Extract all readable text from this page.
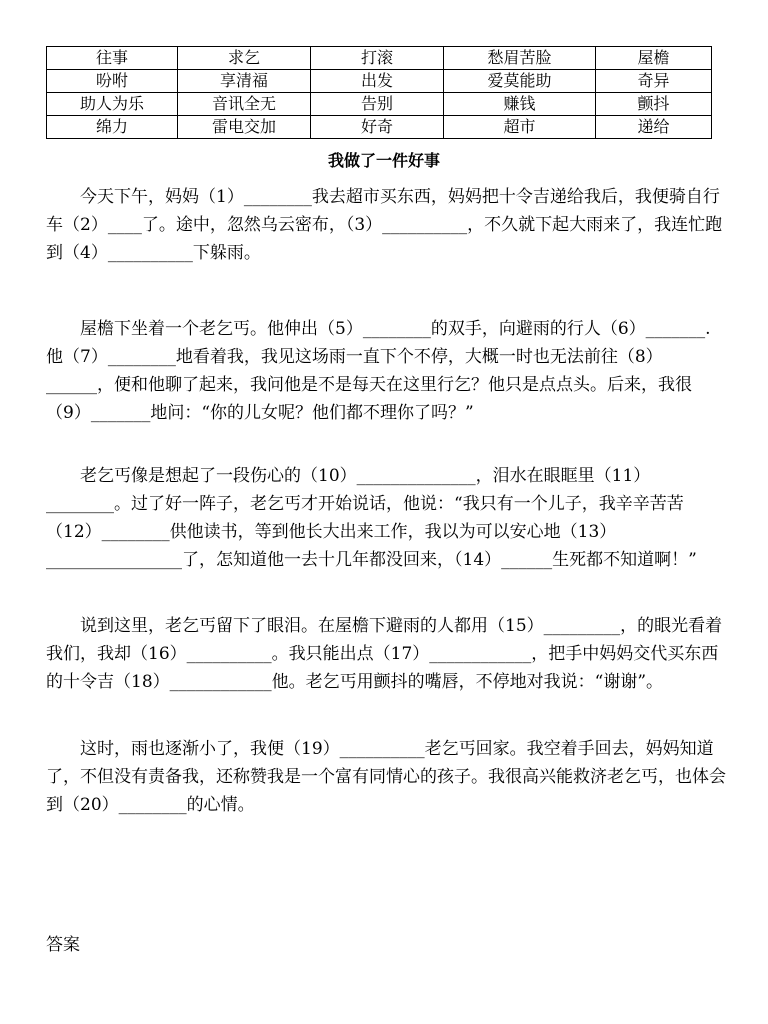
往事	求乞	打滚	愁眉苦脸	屋檐
吩咐	享清福	出发	爱莫能助	奇异
助人为乐	音讯全无	告别	赚钱	颤抖
绵力	雷电交加	好奇	超市	递给
我做了一件好事

今天下午，妈妈（1）________我去超市买东西，妈妈把十令吉递给我后，我便骑自行车（2）____了。途中，忽然乌云密布，（3）__________，不久就下起大雨来了，我连忙跑到（4）__________下躲雨。

屋檐下坐着一个老乞丐。他伸出（5）________的双手，向避雨的行人（6）_______.他（7）________地看着我，我见这场雨一直下个不停，大概一时也无法前往（8）______，便和他聊了起来，我问他是不是每天在这里行乞？他只是点点头。后来，我很（9）_______地问：“你的儿女呢？他们都不理你了吗？”

老乞丐像是想起了一段伤心的（10）______________，泪水在眼眶里（11）________。过了好一阵子，老乞丐才开始说话，他说：“我只有一个儿子，我辛辛苦苦（12）________供他读书，等到他长大出来工作，我以为可以安心地（13）________________了，怎知道他一去十几年都没回来，（14）______生死都不知道啊！”

说到这里，老乞丐留下了眼泪。在屋檐下避雨的人都用（15）_________，的眼光看着我们，我却（16）__________。我只能出点（17）____________，把手中妈妈交代买东西的十令吉（18）____________他。老乞丐用颤抖的嘴唇，不停地对我说：“谢谢”。

这时，雨也逐渐小了，我便（19）__________老乞丐回家。我空着手回去，妈妈知道了，不但没有责备我，还称赞我是一个富有同情心的孩子。我很高兴能救济老乞丐，也体会到（20）________的心情。

答案
